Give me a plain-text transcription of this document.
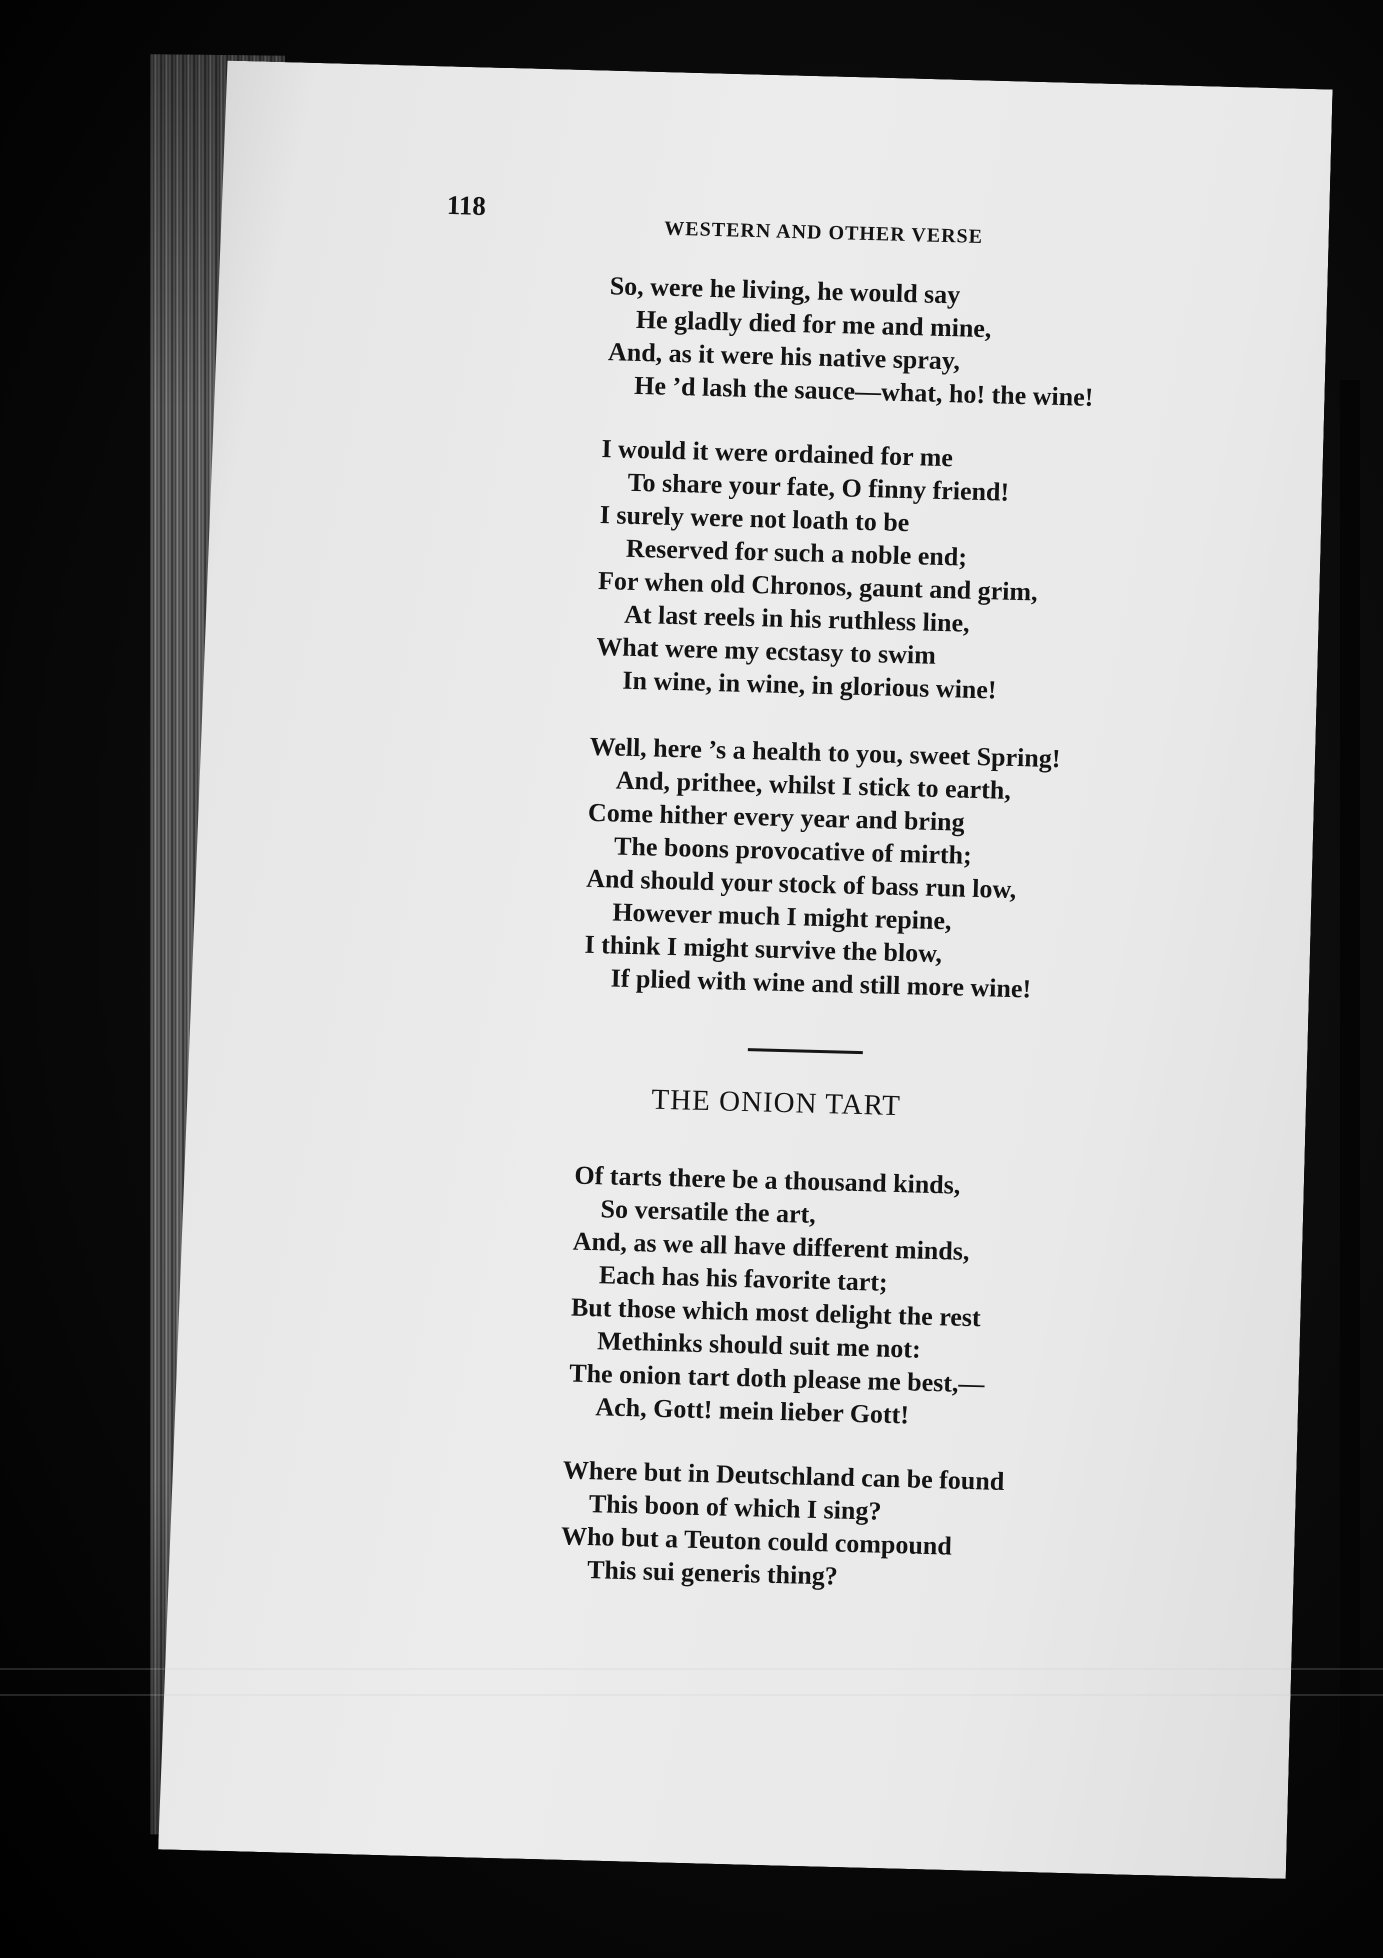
118
WESTERN AND OTHER VERSE
So, were he living, he would say
He gladly died for me and mine,
And, as it were his native spray,
He ’d lash the sauce—what, ho! the wine!
I would it were ordained for me
To share your fate, O finny friend!
I surely were not loath to be
Reserved for such a noble end;
For when old Chronos, gaunt and grim,
At last reels in his ruthless line,
What were my ecstasy to swim
In wine, in wine, in glorious wine!
Well, here ’s a health to you, sweet Spring!
And, prithee, whilst I stick to earth,
Come hither every year and bring
The boons provocative of mirth;
And should your stock of bass run low,
However much I might repine,
I think I might survive the blow,
If plied with wine and still more wine!
THE ONION TART
Of tarts there be a thousand kinds,
So versatile the art,
And, as we all have different minds,
Each has his favorite tart;
But those which most delight the rest
Methinks should suit me not:
The onion tart doth please me best,—
Ach, Gott! mein lieber Gott!
Where but in Deutschland can be found
This boon of which I sing?
Who but a Teuton could compound
This sui generis thing?
